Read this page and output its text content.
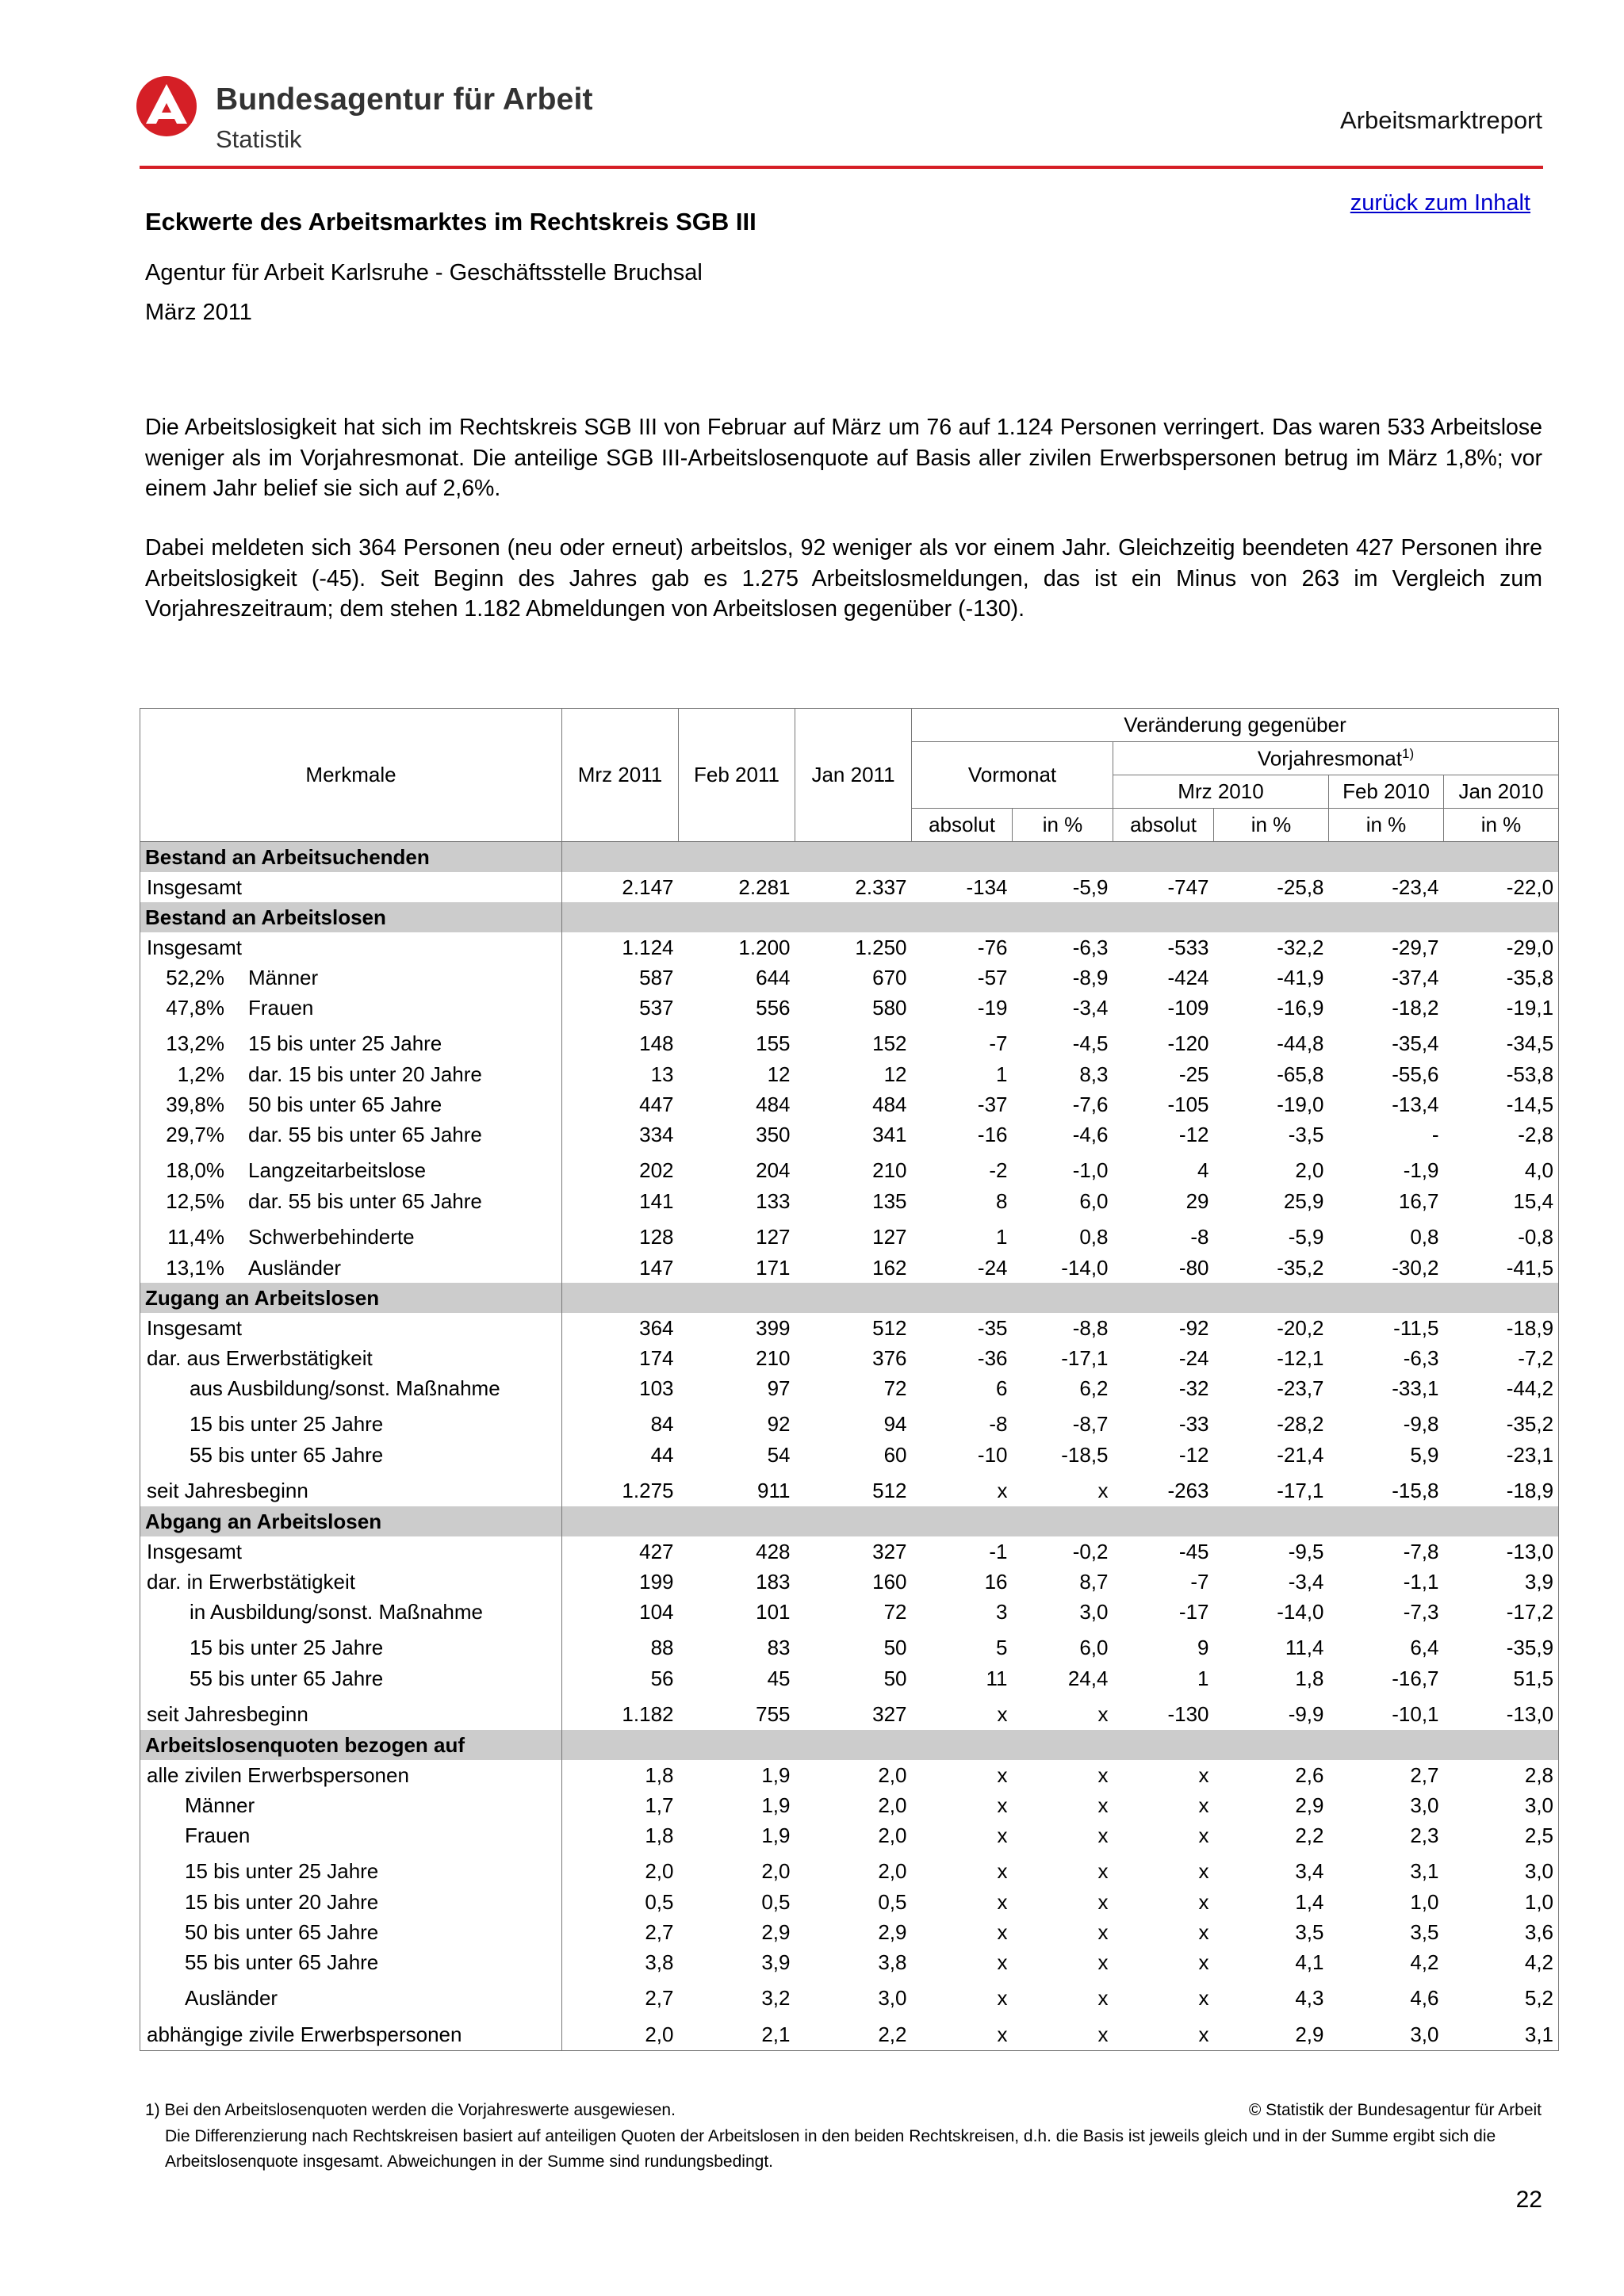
Bundesagentur für Arbeit
Statistik
Arbeitsmarktreport
zurück zum Inhalt
Eckwerte des Arbeitsmarktes im Rechtskreis SGB III
Agentur für Arbeit Karlsruhe - Geschäftsstelle Bruchsal
März 2011
Die Arbeitslosigkeit hat sich im Rechtskreis SGB III von Februar auf März um 76 auf 1.124 Personen verringert. Das waren 533 Arbeitslose weniger als im Vorjahresmonat. Die anteilige SGB III-Arbeitslosenquote auf Basis aller zivilen Erwerbspersonen betrug im März 1,8%; vor einem Jahr belief sie sich auf 2,6%.
Dabei meldeten sich 364 Personen (neu oder erneut) arbeitslos, 92 weniger als vor einem Jahr. Gleichzeitig beendeten 427 Personen ihre Arbeitslosigkeit (-45). Seit Beginn des Jahres gab es 1.275 Arbeitslosmeldungen, das ist ein Minus von 263 im Vergleich zum Vorjahreszeitraum; dem stehen 1.182 Abmeldungen von Arbeitslosen gegenüber (-130).
Merkmale	Mrz 2011	Feb 2011	Jan 2011	Veränderung gegenüber					
				Vormonat		Vorjahresmonat$^{1)}$
						Mrz 2010		Feb 2010	Jan 2010
				absolut	in %	absolut	in %	in %	in %
Bestand an Arbeitsuchenden									
Insgesamt	2.147	2.281	2.337	-134	-5,9	-747	-25,8	-23,4	-22,0
Bestand an Arbeitslosen									
Insgesamt	1.124	1.200	1.250	-76	-6,3	-533	-32,2	-29,7	-29,0
52,2% Männer	587	644	670	-57	-8,9	-424	-41,9	-37,4	-35,8
47,8% Frauen	537	556	580	-19	-3,4	-109	-16,9	-18,2	-19,1
13,2% 15 bis unter 25 Jahre	148	155	152	-7	-4,5	-120	-44,8	-35,4	-34,5
1,2% dar. 15 bis unter 20 Jahre	13	12	12	1	8,3	-25	-65,8	-55,6	-53,8
39,8% 50 bis unter 65 Jahre	447	484	484	-37	-7,6	-105	-19,0	-13,4	-14,5
29,7% dar. 55 bis unter 65 Jahre	334	350	341	-16	-4,6	-12	-3,5	-	-2,8
18,0% Langzeitarbeitslose	202	204	210	-2	-1,0	4	2,0	-1,9	4,0
12,5% dar. 55 bis unter 65 Jahre	141	133	135	8	6,0	29	25,9	16,7	15,4
11,4% Schwerbehinderte	128	127	127	1	0,8	-8	-5,9	0,8	-0,8
13,1% Ausländer	147	171	162	-24	-14,0	-80	-35,2	-30,2	-41,5
Zugang an Arbeitslosen									
Insgesamt	364	399	512	-35	-8,8	-92	-20,2	-11,5	-18,9
dar. aus Erwerbstätigkeit	174	210	376	-36	-17,1	-24	-12,1	-6,3	-7,2
aus Ausbildung/sonst. Maßnahme	103	97	72	6	6,2	-32	-23,7	-33,1	-44,2
15 bis unter 25 Jahre	84	92	94	-8	-8,7	-33	-28,2	-9,8	-35,2
55 bis unter 65 Jahre	44	54	60	-10	-18,5	-12	-21,4	5,9	-23,1
seit Jahresbeginn	1.275	911	512	x	x	-263	-17,1	-15,8	-18,9
Abgang an Arbeitslosen									
Insgesamt	427	428	327	-1	-0,2	-45	-9,5	-7,8	-13,0
dar. in Erwerbstätigkeit	199	183	160	16	8,7	-7	-3,4	-1,1	3,9
in Ausbildung/sonst. Maßnahme	104	101	72	3	3,0	-17	-14,0	-7,3	-17,2
15 bis unter 25 Jahre	88	83	50	5	6,0	9	11,4	6,4	-35,9
55 bis unter 65 Jahre	56	45	50	11	24,4	1	1,8	-16,7	51,5
seit Jahresbeginn	1.182	755	327	x	x	-130	-9,9	-10,1	-13,0
Arbeitslosenquoten bezogen auf									
alle zivilen Erwerbspersonen	1,8	1,9	2,0	x	x	x	2,6	2,7	2,8
Männer	1,7	1,9	2,0	x	x	x	2,9	3,0	3,0
Frauen	1,8	1,9	2,0	x	x	x	2,2	2,3	2,5
15 bis unter 25 Jahre	2,0	2,0	2,0	x	x	x	3,4	3,1	3,0
15 bis unter 20 Jahre	0,5	0,5	0,5	x	x	x	1,4	1,0	1,0
50 bis unter 65 Jahre	2,7	2,9	2,9	x	x	x	3,5	3,5	3,6
55 bis unter 65 Jahre	3,8	3,9	3,8	x	x	x	4,1	4,2	4,2
Ausländer	2,7	3,2	3,0	x	x	x	4,3	4,6	5,2
abhängige zivile Erwerbspersonen	2,0	2,1	2,2	x	x	x	2,9	3,0	3,1
1) Bei den Arbeitslosenquoten werden die Vorjahreswerte ausgewiesen.	© Statistik der Bundesagentur für Arbeit
Die Differenzierung nach Rechtskreisen basiert auf anteiligen Quoten der Arbeitslosen in den beiden Rechtskreisen, d.h. die Basis ist jeweils gleich und in der Summe ergibt sich die Arbeitslosenquote insgesamt. Abweichungen in der Summe sind rundungsbedingt.
22
